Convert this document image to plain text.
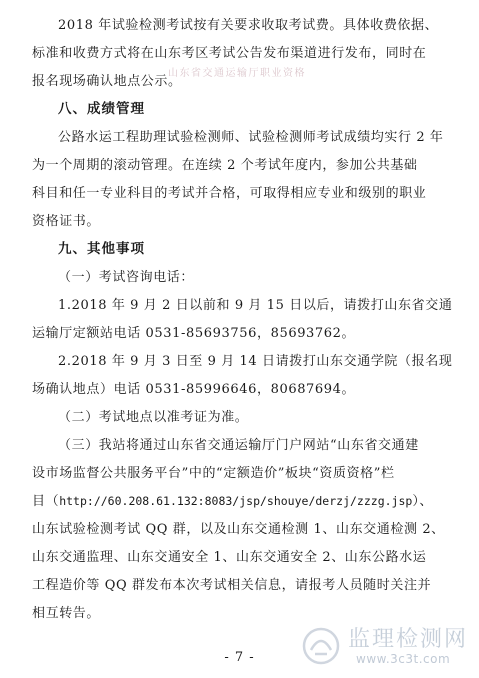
山东省交通运输厅职业资格
2018 年试验检测考试按有关要求收取考试费。具体收费依据、
标准和收费方式将在山东考区考试公告发布渠道进行发布，同时在
报名现场确认地点公示。
八、成绩管理
公路水运工程助理试验检测师、试验检测师考试成绩均实行 2 年
为一个周期的滚动管理。在连续 2 个考试年度内，参加公共基础
科目和任一专业科目的考试并合格，可取得相应专业和级别的职业
资格证书。
九、其他事项
（一）考试咨询电话：
1.2018 年 9 月 2 日以前和 9 月 15 日以后，请拨打山东省交通
运输厅定额站电话 0531-85693756，85693762。
2.2018 年 9 月 3 日至 9 月 14 日请拨打山东交通学院（报名现
场确认地点）电话 0531-85996646，80687694。
（二）考试地点以准考证为准。
（三）我站将通过山东省交通运输厅门户网站“山东省交通建
设市场监督公共服务平台”中的“定额造价”板块“资质资格”栏
目（http://60.208.61.132:8083/jsp/shouye/derzj/zzzg.jsp）、
山东试验检测考试 QQ 群，以及山东交通检测 1、山东交通检测 2、
山东交通监理、山东交通安全 1、山东交通安全 2、山东公路水运
工程造价等 QQ 群发布本次考试相关信息，请报考人员随时关注并
相互转告。
- 7 -
监理检测网
www.3c3t.com
